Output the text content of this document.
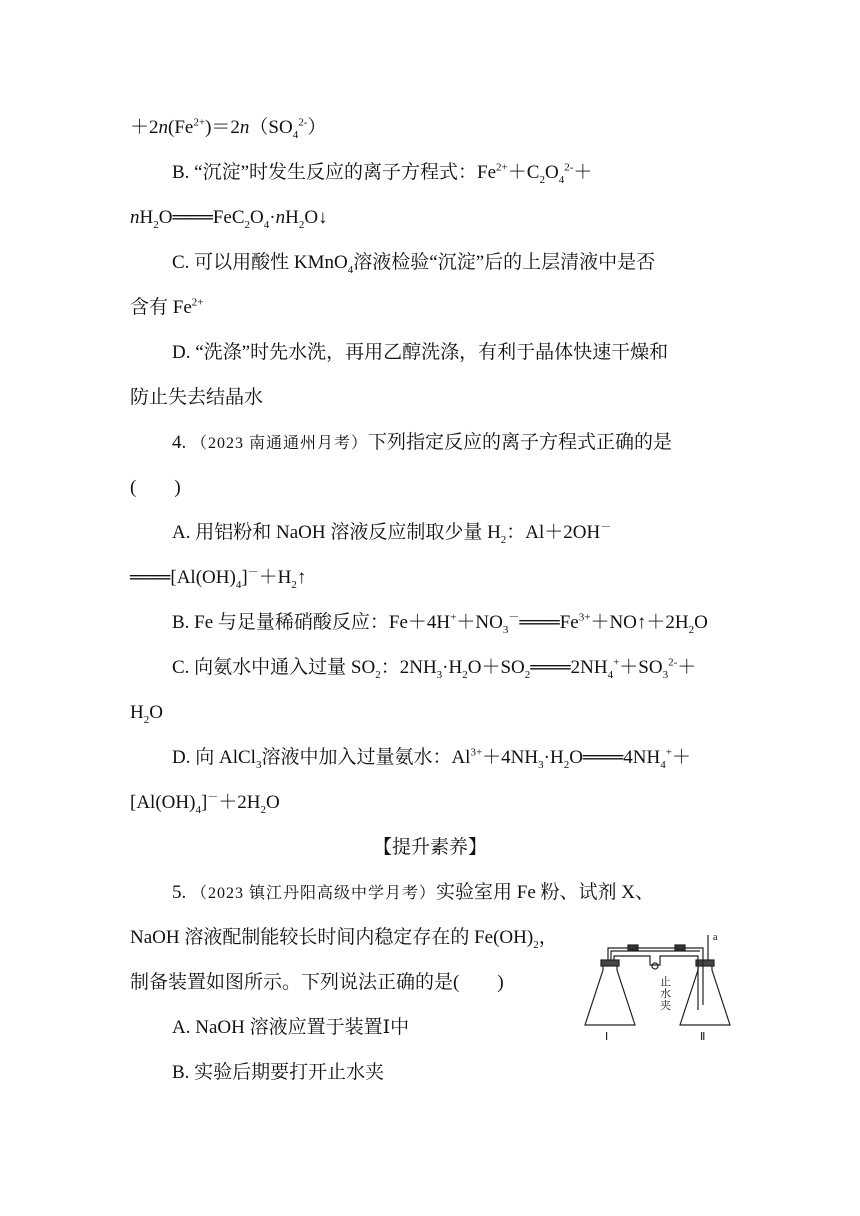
$+2n(Fe^{2+})=2n(SO_4^{2-})$
B. “沉淀”时发生反应的离子方程式：$Fe^{2+}+C_2O_4^{2-}+$
$nH_2O═══FeC_2O_4\cdot nH_2O↓$
C. 可以用酸性 KMnO$_4$溶液检验“沉淀”后的上层清液中是否
含有 $Fe^{2+}$
D. “洗涤”时先水洗，再用乙醇洗涤，有利于晶体快速干燥和
防止失去结晶水
4. （2023 南通通州月考）下列指定反应的离子方程式正确的是
(　　)
A. 用铝粉和 NaOH 溶液反应制取少量 $H_2$：Al＋2OH－
$═══[Al(OH)_4]^-+H_2↑$
B. Fe 与足量稀硝酸反应：$Fe+4H^++NO_3^-═══Fe^{3+}+NO↑+2H_2O$
C. 向氨水中通入过量 $SO_2$：$2NH_3\cdot H_2O+SO_2═══2NH_4^++SO_3^{2-}+$
$H_2O$
D. 向 AlCl$_3$溶液中加入过量氨水：$Al^{3+}+4NH_3\cdot H_2O═══4NH_4^++$
$[Al(OH)_4]^-+2H_2O$
【提升素养】
5. （2023 镇江丹阳高级中学月考）实验室用 Fe 粉、试剂 X、
NaOH 溶液配制能较长时间内稳定存在的 $Fe(OH)_2$，
制备装置如图所示。下列说法正确的是(　　)
A. NaOH 溶液应置于装置Ⅰ中
B. 实验后期要打开止水夹
a
止
水
夹
Ⅰ	Ⅱ
